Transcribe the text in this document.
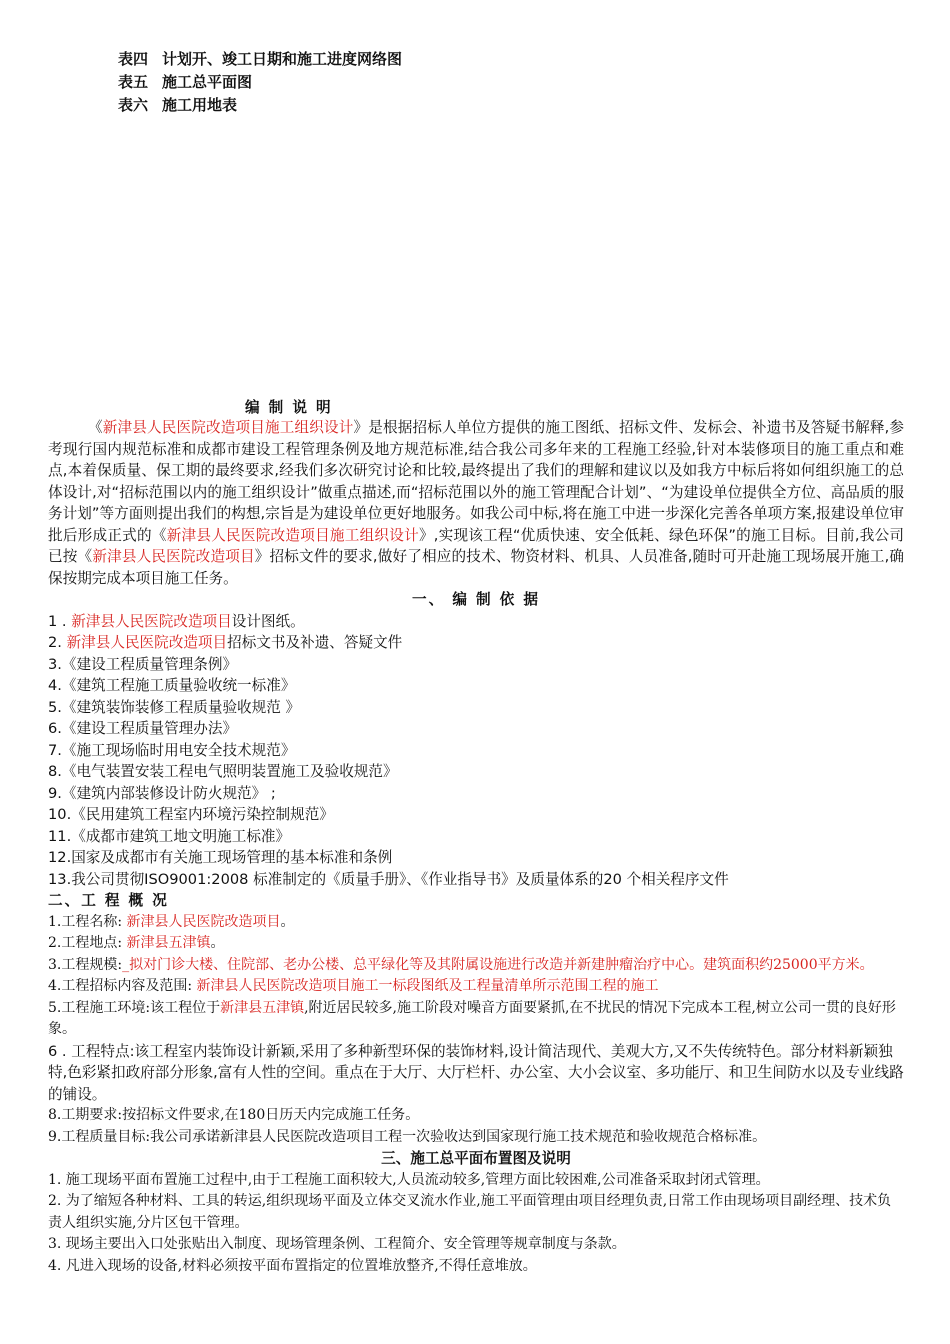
表四 计划开、竣工日期和施工进度网络图
表五 施工总平面图
表六 施工用地表
编 制 说 明
《新津县人民医院改造项目施工组织设计》是根据招标人单位方提供的施工图纸、招标文件、发标会、补遗书及答疑书解释,参考现行国内规范标准和成都市建设工程管理条例及地方规范标准,结合我公司多年来的工程施工经验,针对本装修项目的施工重点和难点,本着保质量、保工期的最终要求,经我们多次研究讨论和比较,最终提出了我们的理解和建议以及如我方中标后将如何组织施工的总体设计,对“招标范围以内的施工组织设计”做重点描述,而“招标范围以外的施工管理配合计划”、“为建设单位提供全方位、高品质的服务计划”等方面则提出我们的构想,宗旨是为建设单位更好地服务。如我公司中标,将在施工中进一步深化完善各单项方案,报建设单位审批后形成正式的《新津县人民医院改造项目施工组织设计》,实现该工程“优质快速、安全低耗、绿色环保”的施工目标。目前,我公司已按《新津县人民医院改造项目》招标文件的要求,做好了相应的技术、物资材料、机具、人员准备,随时可开赴施工现场展开施工,确保按期完成本项目施工任务。
一、 编 制 依 据
1 . 新津县人民医院改造项目设计图纸。
2. 新津县人民医院改造项目招标文书及补遗、答疑文件
3.《建设工程质量管理条例》
4.《建筑工程施工质量验收统一标准》
5.《建筑装饰装修工程质量验收规范 》
6.《建设工程质量管理办法》
7.《施工现场临时用电安全技术规范》
8.《电气装置安装工程电气照明装置施工及验收规范》
9.《建筑内部装修设计防火规范》 ;
10.《民用建筑工程室内环境污染控制规范》
11.《成都市建筑工地文明施工标准》
12.国家及成都市有关施工现场管理的基本标准和条例
13.我公司贯彻ISO9001:2008 标准制定的《质量手册》、《作业指导书》及质量体系的20 个相关程序文件
二、工 程 概 况
1.工程名称: 新津县人民医院改造项目。
2.工程地点: 新津县五津镇。
3.工程规模:_拟对门诊大楼、住院部、老办公楼、总平绿化等及其附属设施进行改造并新建肿瘤治疗中心。建筑面积约25000平方米。
4.工程招标内容及范围: 新津县人民医院改造项目施工一标段图纸及工程量清单所示范围工程的施工
5.工程施工环境:该工程位于新津县五津镇,附近居民较多,施工阶段对噪音方面要紧抓,在不扰民的情况下完成本工程,树立公司一贯的良好形象。
6 . 工程特点:该工程室内装饰设计新颖,采用了多种新型环保的装饰材料,设计简洁现代、美观大方,又不失传统特色。部分材料新颖独特,色彩紧扣政府部分形象,富有人性的空间。重点在于大厅、大厅栏杆、办公室、大小会议室、多功能厅、和卫生间防水以及专业线路的铺设。
8.工期要求:按招标文件要求,在180日历天内完成施工任务。
9.工程质量目标:我公司承诺新津县人民医院改造项目工程一次验收达到国家现行施工技术规范和验收规范合格标准。
三、施工总平面布置图及说明
1. 施工现场平面布置施工过程中,由于工程施工面积较大,人员流动较多,管理方面比较困难,公司准备采取封闭式管理。
2. 为了缩短各种材料、工具的转运,组织现场平面及立体交叉流水作业,施工平面管理由项目经理负责,日常工作由现场项目副经理、技术负责人组织实施,分片区包干管理。
3. 现场主要出入口处张贴出入制度、现场管理条例、工程简介、安全管理等规章制度与条款。
4. 凡进入现场的设备,材料必须按平面布置指定的位置堆放整齐,不得任意堆放。
